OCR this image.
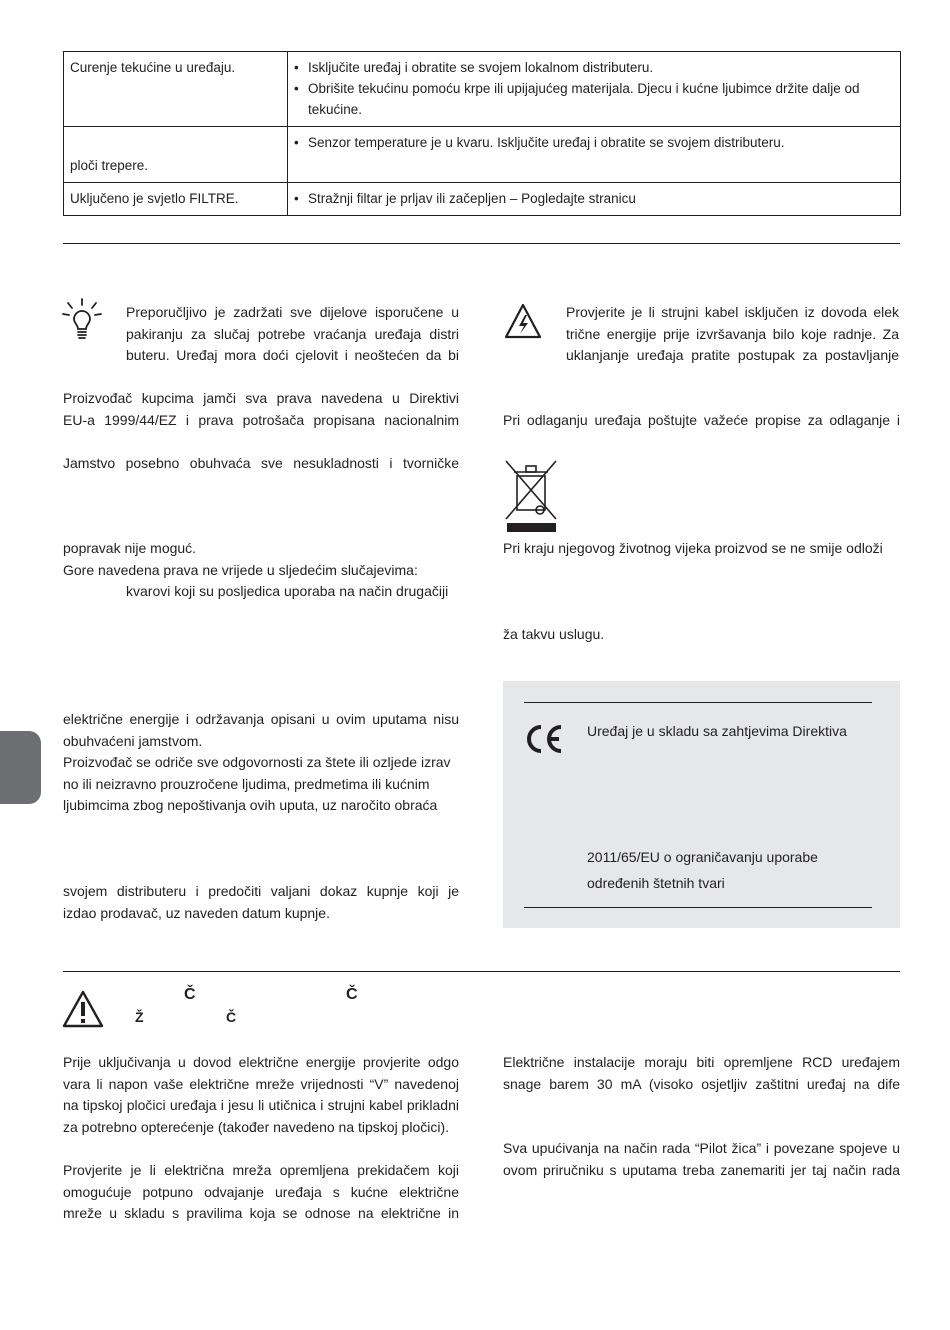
Curenje tekućine u uređaju.	• Isključite uređaj i obratite se svojem lokalnom distributeru.
• Obrišite tekućinu pomoću krpe ili upijajućeg materijala. Djecu i kućne ljubimce držite dalje od
tekućine.

ploči trepere.	• Senzor temperature je u kvaru. Isključite uređaj i obratite se svojem distributeru.

Uključeno je svjetlo FILTRE.	• Stražnji filtar je prljav ili začepljen – Pogledajte stranicu
Preporučljivo je zadržati sve dijelove isporučene u
pakiranju za slučaj potrebe vraćanja uređaja distri
buteru. Uređaj mora doći cjelovit i neoštećen da bi
Proizvođač kupcima jamči sva prava navedena u Direktivi
EU-a 1999/44/EZ i prava potrošača propisana nacionalnim
Jamstvo posebno obuhvaća sve nesukladnosti i tvorničke
popravak nije moguć.
Gore navedena prava ne vrijede u sljedećim slučajevima:
kvarovi koji su posljedica uporaba na način drugačiji
električne energije i održavanja opisani u ovim uputama nisu
obuhvaćeni jamstvom.
Proizvođač se odriče sve odgovornosti za štete ili ozljede izrav
no ili neizravno prouzročene ljudima, predmetima ili kućnim
ljubimcima zbog nepoštivanja ovih uputa, uz naročito obraća
svojem distributeru i predočiti valjani dokaz kupnje koji je
izdao prodavač, uz naveden datum kupnje.
Provjerite je li strujni kabel isključen iz dovoda elek
trične energije prije izvršavanja bilo koje radnje. Za
uklanjanje uređaja pratite postupak za postavljanje
Pri odlaganju uređaja poštujte važeće propise za odlaganje i
Pri kraju njegovog životnog vijeka proizvod se ne smije odloži
ža takvu uslugu.
Uređaj je u skladu sa zahtjevima Direktiva
2011/65/EU o ograničavanju uporabe
određenih štetnih tvari
Č	Č
Ž	Č
Prije uključivanja u dovod električne energije provjerite odgo
vara li napon vaše električne mreže vrijednosti “V” navedenoj
na tipskoj pločici uređaja i jesu li utičnica i strujni kabel prikladni
za potrebno opterećenje (također navedeno na tipskoj pločici).
Provjerite je li električna mreža opremljena prekidačem koji
omogućuje potpuno odvajanje uređaja s kućne električne
mreže u skladu s pravilima koja se odnose na električne in
Električne instalacije moraju biti opremljene RCD uređajem
snage barem 30 mA (visoko osjetljiv zaštitni uređaj na dife
Sva upućivanja na način rada “Pilot žica” i povezane spojeve u
ovom priručniku s uputama treba zanemariti jer taj način rada
